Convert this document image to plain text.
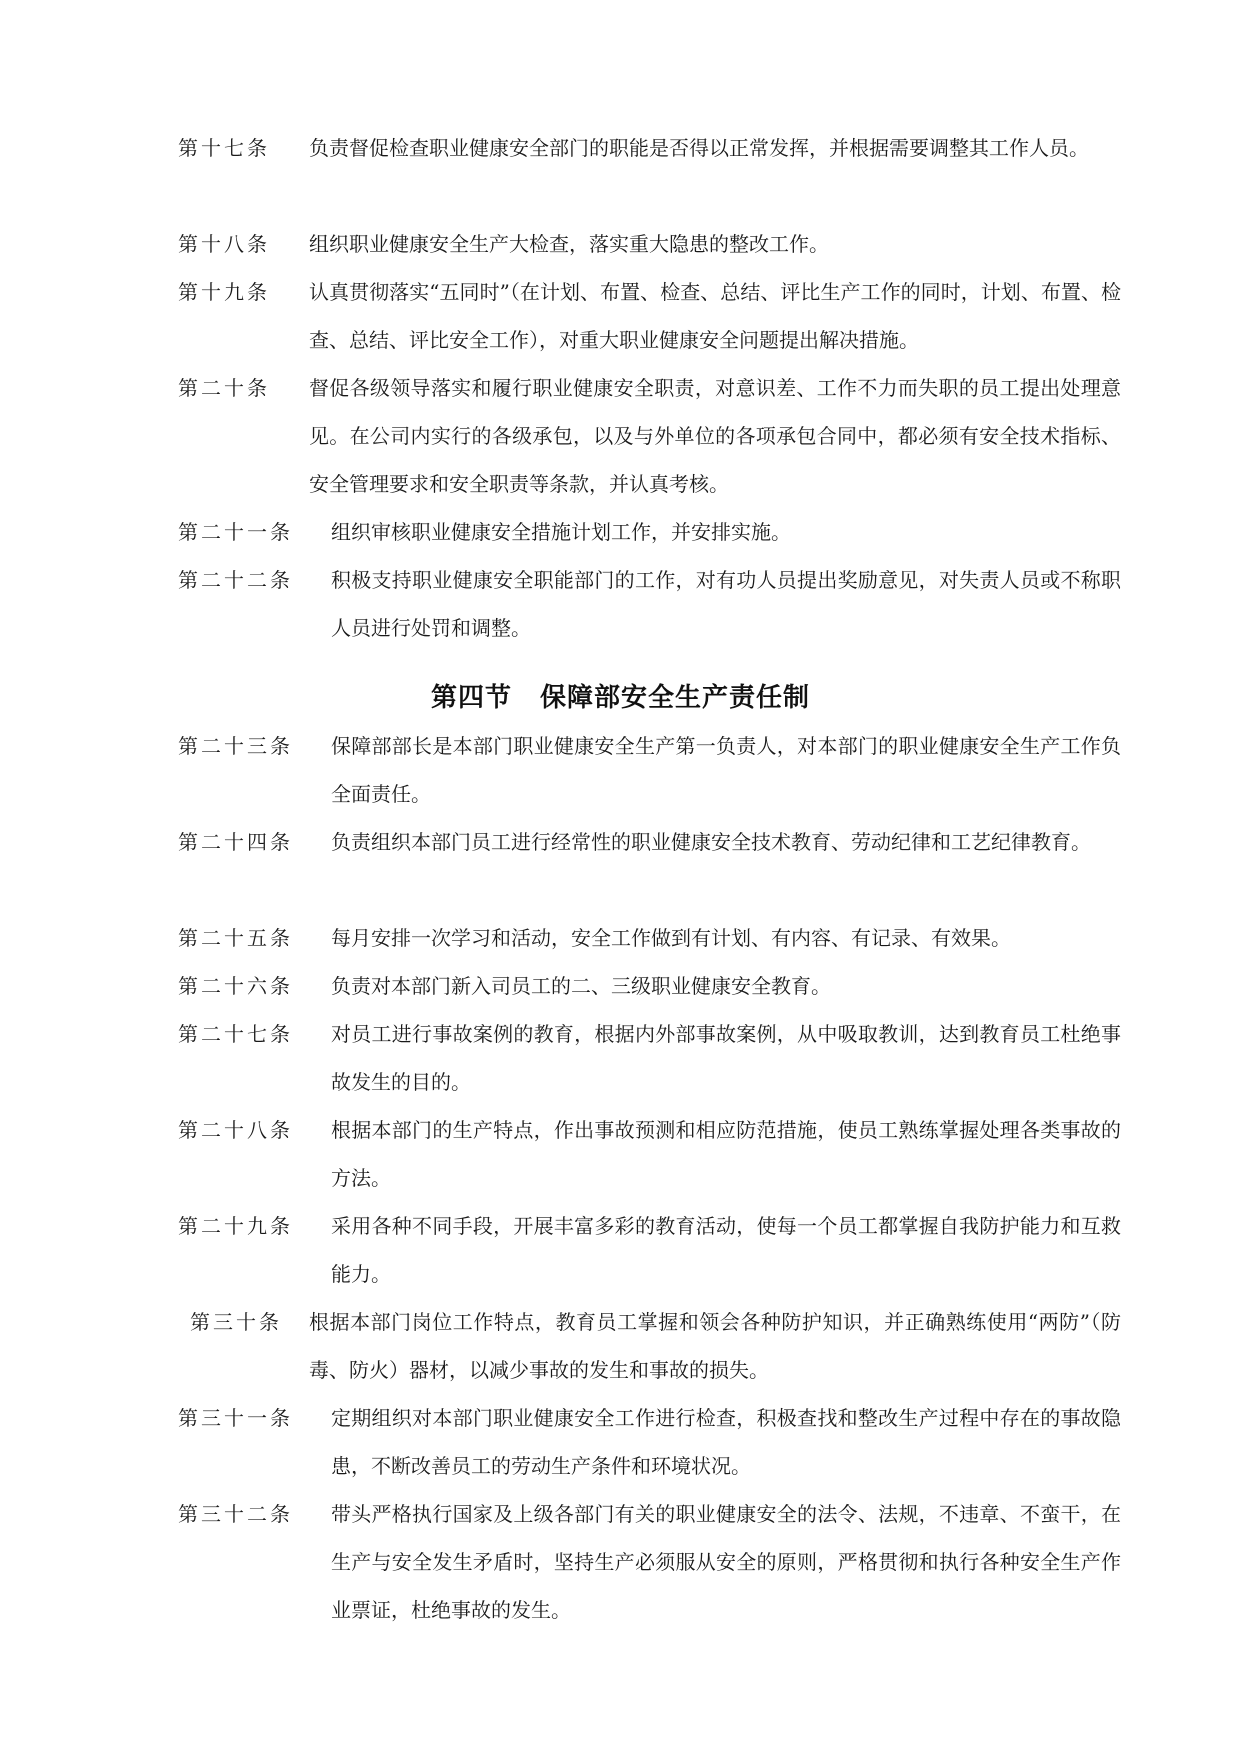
第十七条 负责督促检查职业健康安全部门的职能是否得以正常发挥，并根据需要调整其工作人员。
第十八条 组织职业健康安全生产大检查，落实重大隐患的整改工作。
第十九条 认真贯彻落实“五同时”（在计划、布置、检查、总结、评比生产工作的同时，计划、布置、检查、总结、评比安全工作），对重大职业健康安全问题提出解决措施。
第二十条 督促各级领导落实和履行职业健康安全职责，对意识差、工作不力而失职的员工提出处理意见。在公司内实行的各级承包，以及与外单位的各项承包合同中，都必须有安全技术指标、安全管理要求和安全职责等条款，并认真考核。
第二十一条 组织审核职业健康安全措施计划工作，并安排实施。
第二十二条 积极支持职业健康安全职能部门的工作，对有功人员提出奖励意见，对失责人员或不称职人员进行处罚和调整。
第四节 保障部安全生产责任制
第二十三条 保障部部长是本部门职业健康安全生产第一负责人，对本部门的职业健康安全生产工作负全面责任。
第二十四条 负责组织本部门员工进行经常性的职业健康安全技术教育、劳动纪律和工艺纪律教育。
第二十五条 每月安排一次学习和活动，安全工作做到有计划、有内容、有记录、有效果。
第二十六条 负责对本部门新入司员工的二、三级职业健康安全教育。
第二十七条 对员工进行事故案例的教育，根据内外部事故案例，从中吸取教训，达到教育员工杜绝事故发生的目的。
第二十八条 根据本部门的生产特点，作出事故预测和相应防范措施，使员工熟练掌握处理各类事故的方法。
第二十九条 采用各种不同手段，开展丰富多彩的教育活动，使每一个员工都掌握自我防护能力和互救能力。
第三十条 根据本部门岗位工作特点，教育员工掌握和领会各种防护知识，并正确熟练使用“两防”（防毒、防火）器材，以减少事故的发生和事故的损失。
第三十一条 定期组织对本部门职业健康安全工作进行检查，积极查找和整改生产过程中存在的事故隐患，不断改善员工的劳动生产条件和环境状况。
第三十二条 带头严格执行国家及上级各部门有关的职业健康安全的法令、法规，不违章、不蛮干，在生产与安全发生矛盾时，坚持生产必须服从安全的原则，严格贯彻和执行各种安全生产作业票证，杜绝事故的发生。
